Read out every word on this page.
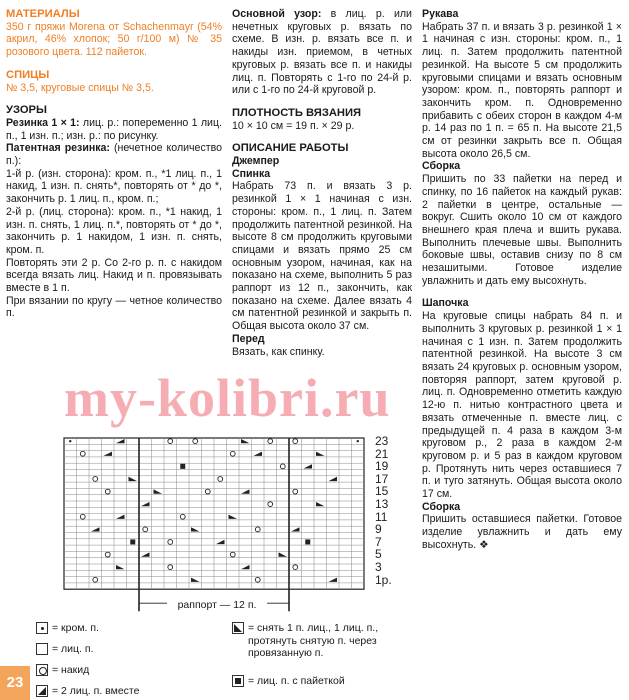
МАТЕРИАЛЫ

350 г пряжи Morena от Schachenmayr (54% акрил, 46% хлопок; 50 г/100 м) № 35 розового цвета. 112 пайеток.

СПИЦЫ

№ 3,5, круговые спицы № 3,5.

УЗОРЫ

Резинка 1 × 1: лиц. р.: попеременно 1 лиц. п., 1 изн. п.; изн. р.: по рисунку.

Патентная резинка: (нечетное количество п.):

1-й р. (изн. сторона): кром. п., *1 лиц. п., 1 накид, 1 изн. п. снять*, повторять от * до *, закончить р. 1 лиц. п., кром. п.;

2-й р. (лиц. сторона): кром. п., *1 накид, 1 изн. п. снять, 1 лиц. п.*, повторять от * до *, закончить р. 1 накидом, 1 изн. п. снять, кром. п.

Повторять эти 2 р. Со 2-го р. п. с накидом всегда вязать лиц. Накид и п. провязывать вместе в 1 п.

При вязании по кругу — четное количество п.

Основной узор: в лиц. р. или нечетных круговых р. вязать по схеме. В изн. р. вязать все п. и накиды изн. приемом, в четных круговых р. вязать все п. и накиды лиц. п. Повторять с 1-го по 24-й р. или с 1-го по 24-й круговой р.

ПЛОТНОСТЬ ВЯЗАНИЯ

10 × 10 см = 19 п. × 29 р.

ОПИСАНИЕ РАБОТЫ

Джемпер

Спинка

Набрать 73 п. и вязать 3 р. резинкой 1 × 1 начиная с изн. стороны: кром. п., 1 лиц. п. Затем продолжить патентной резинкой. На высоте 8 см продолжить круговыми спицами и вязать прямо 25 см основным узором, начиная, как на показано на схеме, выполнить 5 раз раппорт из 12 п., закончить, как показано на схеме. Далее вязать 4 см патентной резинкой и закрыть п. Общая высота около 37 см.

Перед

Вязать, как спинку.

Рукава

Набрать 37 п. и вязать 3 р. резинкой 1 × 1 начиная с изн. стороны: кром. п., 1 лиц. п. Затем продолжить патентной резинкой. На высоте 5 см продолжить круговыми спицами и вязать основным узором: кром. п., повторять раппорт и закончить кром. п. Одновременно прибавить с обеих сторон в каждом 4-м р. 14 раз по 1 п. = 65 п. На высоте 21,5 см от резинки закрыть все п. Общая высота около 26,5 см.

Сборка

Пришить по 33 пайетки на перед и спинку, по 16 пайеток на каждый рукав: 2 пайетки в центре, остальные — вокруг. Сшить около 10 см от каждого внешнего края плеча и вшить рукава. Выполнить плечевые швы. Выполнить боковые швы, оставив снизу по 8 см незашитыми. Готовое изделие увлажнить и дать ему высохнуть.

Шапочка

На круговые спицы набрать 84 п. и выполнить 3 круговых р. резинкой 1 × 1 начиная с 1 изн. п. Затем продолжить патентной резинкой. На высоте 3 см вязать 24 круговых р. основным узором, повторяя раппорт, затем круговой р. лиц. п. Одновременно отметить каждую 12-ю п. нитью контрастного цвета и вязать отмеченные п. вместе лиц. с предыдущей п. 4 раза в каждом 3-м круговом р., 2 раза в каждом 2-м круговом р. и 5 раз в каждом круговом р. Протянуть нить через оставшиеся 7 п. и туго затянуть. Общая высота около 17 см.

Сборка

Пришить оставшиеся пайетки. Готовое изделие увлажнить и дать ему высохнуть. ❖

23
21
19
17
15
13
11
9
7
5
3
1р.
раппорт — 12 п.
= кром. п.
= лиц. п.
= накид
= 2 лиц. п. вместе
= снять 1 п. лиц., 1 лиц. п., протянуть снятую п. через провязанную п.
= лиц. п. с пайеткой
my-kolibri.ru
23
